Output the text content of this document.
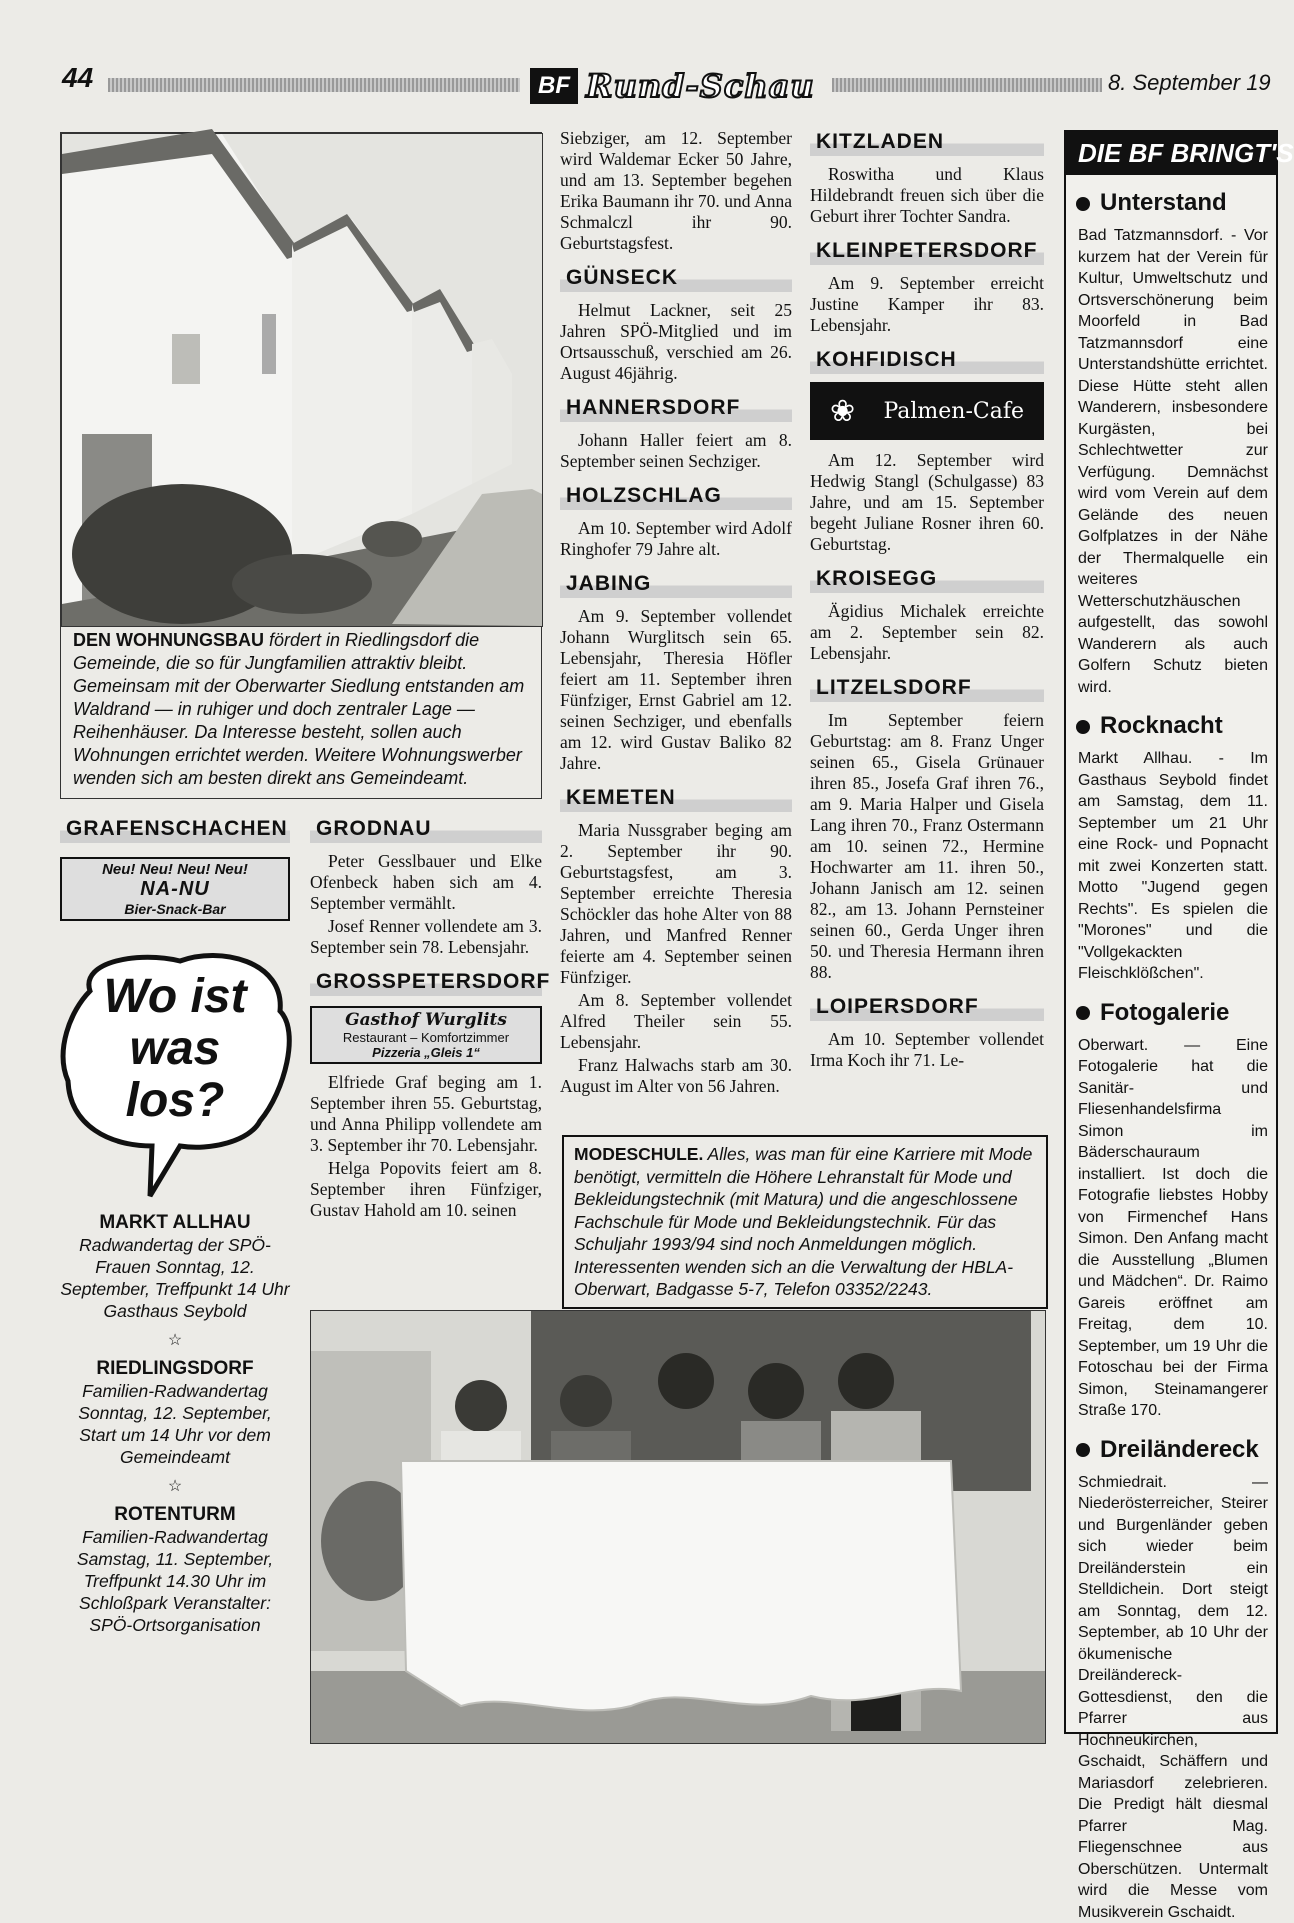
44	BF Rund-Schau	8. September 19
DEN WOHNUNGSBAU fördert in Riedlingsdorf die Gemeinde, die so für Jungfamilien attraktiv bleibt. Gemeinsam mit der Oberwarter Siedlung entstanden am Waldrand — in ruhiger und doch zentraler Lage — Reihenhäuser. Da Interesse besteht, sollen auch Wohnungen errichtet werden. Weitere Wohnungswerber wenden sich am besten direkt ans Gemeindeamt.
GRAFENSCHACHEN
Neu! Neu! Neu! Neu!
NA-NU
Bier-Snack-Bar
Wo ist was los?
MARKT ALLHAU
Radwandertag der SPÖ-Frauen Sonntag, 12. September, Treffpunkt 14 Uhr Gasthaus Seybold
☆
RIEDLINGSDORF
Familien-Radwandertag Sonntag, 12. September, Start um 14 Uhr vor dem Gemeindeamt
☆
ROTENTURM
Familien-Radwandertag Samstag, 11. September, Treffpunkt 14.30 Uhr im Schloßpark Veranstalter: SPÖ-Ortsorganisation
GRODNAU

Peter Gesslbauer und Elke Ofenbeck haben sich am 4. September vermählt.

Josef Renner vollendete am 3. September sein 78. Lebensjahr.

GROSSPETERSDORF
Gasthof Wurglits
Restaurant – Komfortzimmer
Pizzeria „Gleis 1“

Elfriede Graf beging am 1. September ihren 55. Geburtstag, und Anna Philipp vollendete am 3. September ihr 70. Lebensjahr.

Helga Popovits feiert am 8. September ihren Fünfziger, Gustav Hahold am 10. seinen

Siebziger, am 12. September wird Waldemar Ecker 50 Jahre, und am 13. September begehen Erika Baumann ihr 70. und Anna Schmalczl ihr 90. Geburtstagsfest.

GÜNSECK

Helmut Lackner, seit 25 Jahren SPÖ-Mitglied und im Ortsausschuß, verschied am 26. August 46jährig.

HANNERSDORF

Johann Haller feiert am 8. September seinen Sechziger.

HOLZSCHLAG

Am 10. September wird Adolf Ringhofer 79 Jahre alt.

JABING

Am 9. September vollendet Johann Wurglitsch sein 65. Lebensjahr, Theresia Höfler feiert am 11. September ihren Fünfziger, Ernst Gabriel am 12. seinen Sechziger, und ebenfalls am 12. wird Gustav Baliko 82 Jahre.

KEMETEN

Maria Nussgraber beging am 2. September ihr 90. Geburtstagsfest, am 3. September erreichte Theresia Schöckler das hohe Alter von 88 Jahren, und Manfred Renner feierte am 4. September seinen Fünfziger.

Am 8. September vollendet Alfred Theiler sein 55. Lebensjahr.

Franz Halwachs starb am 30. August im Alter von 56 Jahren.

KITZLADEN

Roswitha und Klaus Hildebrandt freuen sich über die Geburt ihrer Tochter Sandra.

KLEINPETERSDORF

Am 9. September erreicht Justine Kamper ihr 83. Lebensjahr.

KOHFIDISCH
❀ Palmen-Cafe

Am 12. September wird Hedwig Stangl (Schulgasse) 83 Jahre, und am 15. September begeht Juliane Rosner ihren 60. Geburtstag.

KROISEGG

Ägidius Michalek erreichte am 2. September sein 82. Lebensjahr.

LITZELSDORF

Im September feiern Geburtstag: am 8. Franz Unger seinen 65., Gisela Grünauer ihren 85., Josefa Graf ihren 76., am 9. Maria Halper und Gisela Lang ihren 70., Franz Ostermann am 10. seinen 72., Hermine Hochwarter am 11. ihren 50., Johann Janisch am 12. seinen 82., am 13. Johann Pernsteiner seinen 60., Gerda Unger ihren 50. und Theresia Hermann ihren 88.

LOIPERSDORF

Am 10. September vollendet Irma Koch ihr 71. Le-

MODESCHULE. Alles, was man für eine Karriere mit Mode benötigt, vermitteln die Höhere Lehranstalt für Mode und Bekleidungstechnik (mit Matura) und die angeschlossene Fachschule für Mode und Bekleidungstechnik. Für das Schuljahr 1993/94 sind noch Anmeldungen möglich. Interessenten wenden sich an die Verwaltung der HBLA-Oberwart, Badgasse 5-7, Telefon 03352/2243.

DIE BF BRINGT'S
Unterstand
Bad Tatzmannsdorf. - Vor kurzem hat der Verein für Kultur, Umweltschutz und Ortsverschönerung beim Moorfeld in Bad Tatzmannsdorf eine Unterstandshütte errichtet. Diese Hütte steht allen Wanderern, insbesondere Kurgästen, bei Schlechtwetter zur Verfügung. Demnächst wird vom Verein auf dem Gelände des neuen Golfplatzes in der Nähe der Thermalquelle ein weiteres Wetterschutzhäuschen aufgestellt, das sowohl Wanderern als auch Golfern Schutz bieten wird.
Rocknacht
Markt Allhau. - Im Gasthaus Seybold findet am Samstag, dem 11. September um 21 Uhr eine Rock- und Popnacht mit zwei Konzerten statt. Motto "Jugend gegen Rechts". Es spielen die "Morones" und die "Vollgekackten Fleischklößchen".
Fotogalerie
Oberwart. — Eine Fotogalerie hat die Sanitär- und Fliesenhandelsfirma Simon im Bäderschauraum installiert. Ist doch die Fotografie liebstes Hobby von Firmenchef Hans Simon. Den Anfang macht die Ausstellung „Blumen und Mädchen“. Dr. Raimo Gareis eröffnet am Freitag, dem 10. September, um 19 Uhr die Fotoschau bei der Firma Simon, Steinamangerer Straße 170.
Dreiländereck
Schmiedrait. — Niederösterreicher, Steirer und Burgenländer geben sich wieder beim Dreiländerstein ein Stelldichein. Dort steigt am Sonntag, dem 12. September, ab 10 Uhr der ökumenische Dreiländereck-Gottesdienst, den die Pfarrer aus Hochneukirchen, Gschaidt, Schäffern und Mariasdorf zelebrieren. Die Predigt hält diesmal Pfarrer Mag. Fliegenschnee aus Oberschützen. Untermalt wird die Messe vom Musikverein Gschaidt.
